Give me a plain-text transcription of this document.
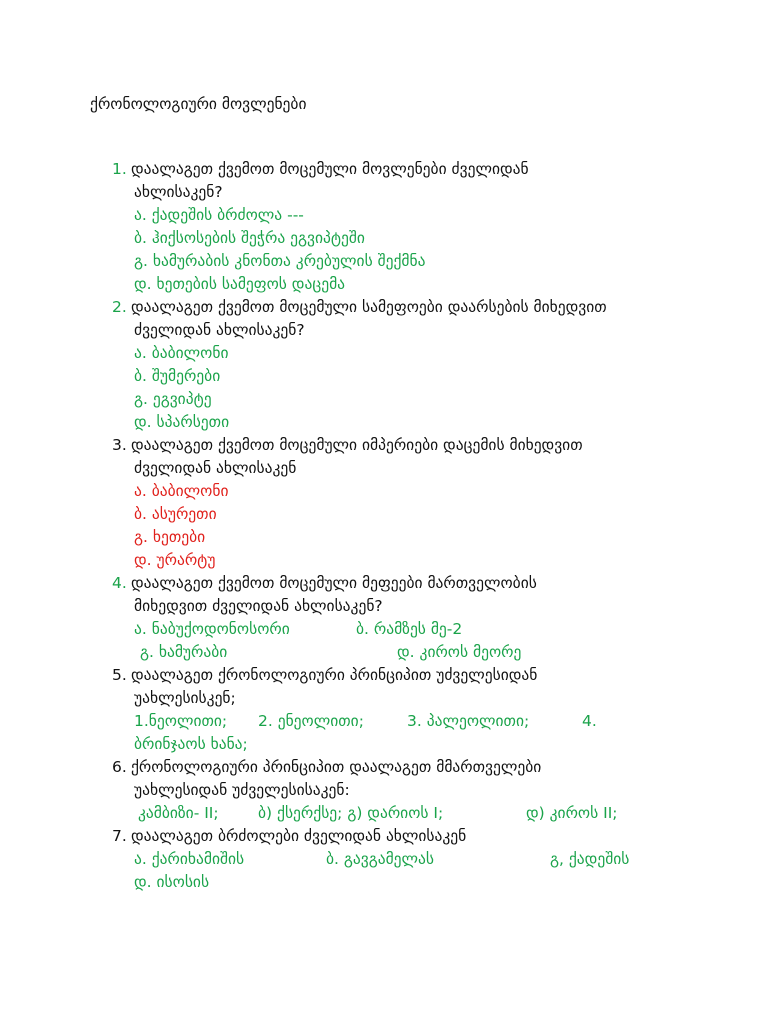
ქრონოლოგიური მოვლენები
1. დაალაგეთ ქვემოთ მოცემული მოვლენები ძველიდან
ახლისაკენ?
ა. ქადეშის ბრძოლა ---
ბ. ჰიქსოსების შეჭრა ეგვიპტეში
გ. ხამურაბის კნონთა კრებულის შექმნა
დ. ხეთების სამეფოს დაცემა
2. დაალაგეთ ქვემოთ მოცემული სამეფოები დაარსების მიხედვით
ძველიდან ახლისაკენ?
ა. ბაბილონი
ბ. შუმერები
გ. ეგვიპტე
დ. სპარსეთი
3. დაალაგეთ ქვემოთ მოცემული იმპერიები დაცემის მიხედვით
ძველიდან ახლისაკენ
ა. ბაბილონი
ბ. ასურეთი
გ. ხეთები
დ. ურარტუ
4. დაალაგეთ ქვემოთ მოცემული მეფეები მართველობის
მიხედვით ძველიდან ახლისაკენ?
ა. ნაბუქოდონოსორი	ბ. რამზეს მე-2
გ. ხამურაბი	დ. კიროს მეორე
5. დაალაგეთ ქრონოლოგიური პრინციპით უძველესიდან
უახლესისკენ;
1.ნეოლითი; 2. ენეოლითი;	3. პალეოლითი;	4.
ბრინჯაოს ხანა;
6. ქრონოლოგიური პრინციპით დაალაგეთ მმართველები
უახლესიდან უძველესისაკენ:
კამბიზი- II;	ბ) ქსერქსე; გ) დარიოს I;	დ) კიროს II;
7. დაალაგეთ ბრძოლები ძველიდან ახლისაკენ
ა. ქარიხამიშის	ბ. გავგამელას	გ, ქადეშის
დ. ისოსის
